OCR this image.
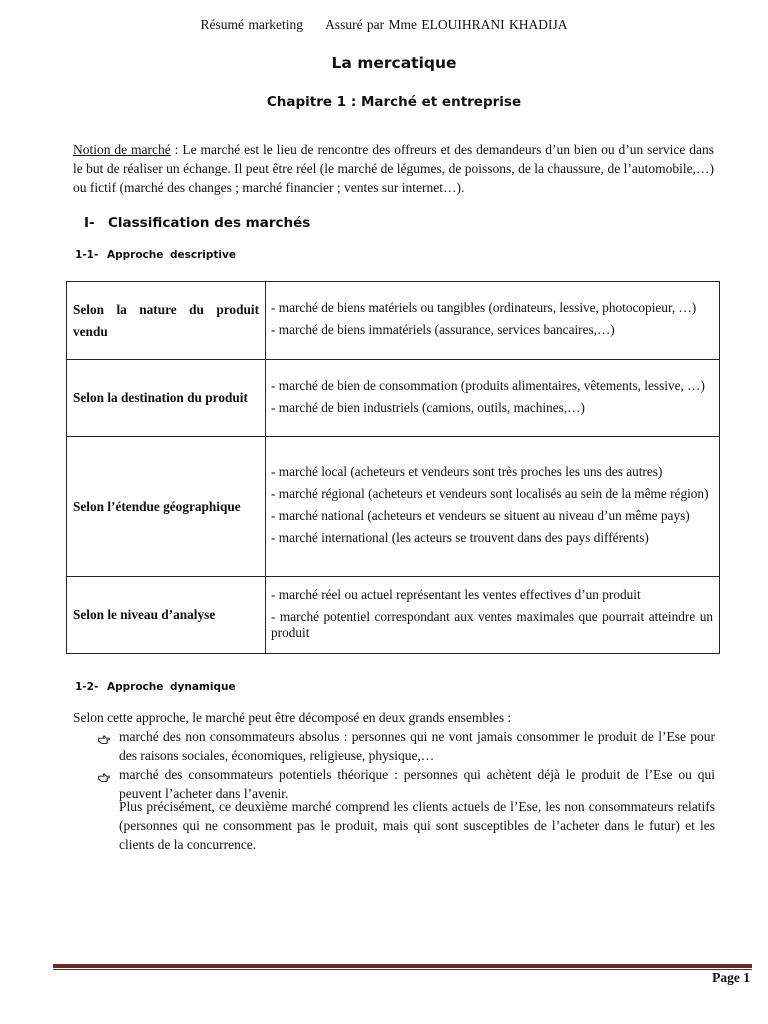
Résumé marketing Assuré par Mme ELOUIHRANI KHADIJA
La mercatique
Chapitre 1 : Marché et entreprise

Notion de marché : Le marché est le lieu de rencontre des offreurs et des demandeurs d’un bien ou d’un service dans le but de réaliser un échange. Il peut être réel (le marché de légumes, de poissons, de la chaussure, de l’automobile,…) ou fictif (marché des changes ; marché financier ; ventes sur internet…).

I- Classification des marchés
1-1- Approche descriptive
Selon la nature du produit vendu	- marché de biens matériels ou tangibles (ordinateurs, lessive, photocopieur, …)

- marché de biens immatériels (assurance, services bancaires,…)

Selon la destination du produit	- marché de bien de consommation (produits alimentaires, vêtements, lessive, …)

- marché de bien industriels (camions, outils, machines,…)

Selon l’étendue géographique	- marché local (acheteurs et vendeurs sont très proches les uns des autres)

- marché régional (acheteurs et vendeurs sont localisés au sein de la même région)

- marché national (acheteurs et vendeurs se situent au niveau d’un même pays)

- marché international (les acteurs se trouvent dans des pays différents)

Selon le niveau d’analyse	- marché réel ou actuel représentant les ventes effectives d’un produit

- marché potentiel correspondant aux ventes maximales que pourrait atteindre un produit

1-2- Approche dynamique

Selon cette approche, le marché peut être décomposé en deux grands ensembles :

marché des non consommateurs absolus : personnes qui ne vont jamais consommer le produit de l’Ese pour des raisons sociales, économiques, religieuse, physique,…
marché des consommateurs potentiels théorique : personnes qui achètent déjà le produit de l’Ese ou qui peuvent l’acheter dans l’avenir.

Plus précisément, ce deuxième marché comprend les clients actuels de l’Ese, les non consommateurs relatifs (personnes qui ne consomment pas le produit, mais qui sont susceptibles de l’acheter dans le futur) et les clients de la concurrence.

Page 1
